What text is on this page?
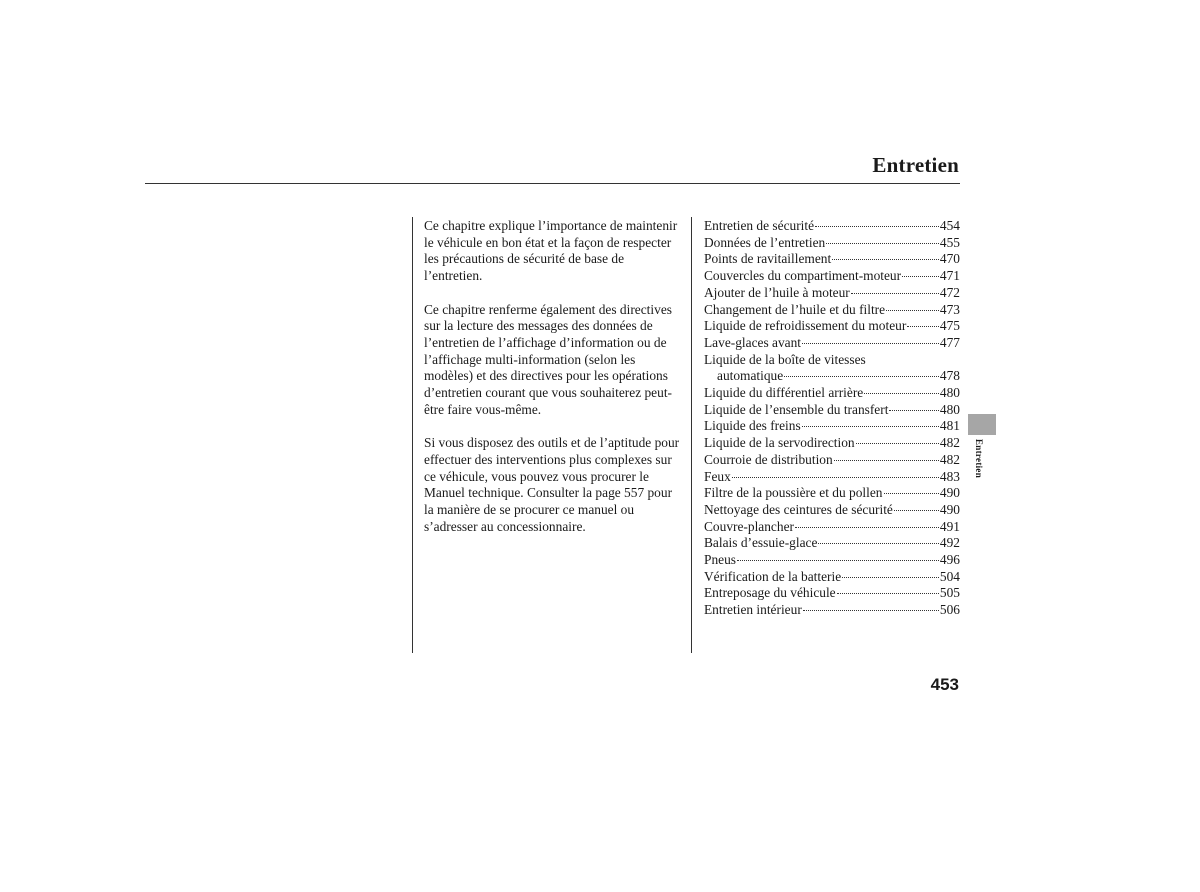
Entretien

Ce chapitre explique l’importance de maintenir le véhicule en bon état et la façon de respecter les précautions de sécurité de base de l’entretien.

Ce chapitre renferme également des directives sur la lecture des messages des données de l’entretien de l’affichage d’information ou de l’affichage multi-information (selon les modèles) et des directives pour les opérations d’entretien courant que vous souhaiterez peut-être faire vous-même.

Si vous disposez des outils et de l’aptitude pour effectuer des interventions plus complexes sur ce véhicule, vous pouvez vous procurer le Manuel technique. Consulter la page 557 pour la manière de se procurer ce manuel ou s’adresser au concessionnaire.

Entretien de sécurité	454
Données de l’entretien	455
Points de ravitaillement	470
Couvercles du compartiment-moteur	471
Ajouter de l’huile à moteur	472
Changement de l’huile et du filtre	473
Liquide de refroidissement du moteur	475
Lave-glaces avant	477
Liquide de la boîte de vitesses
automatique	478
Liquide du différentiel arrière	480
Liquide de l’ensemble du transfert	480
Liquide des freins	481
Liquide de la servodirection	482
Courroie de distribution	482
Feux	483
Filtre de la poussière et du pollen	490
Nettoyage des ceintures de sécurité	490
Couvre-plancher	491
Balais d’essuie-glace	492
Pneus	496
Vérification de la batterie	504
Entreposage du véhicule	505
Entretien intérieur	506
Entretien
453
